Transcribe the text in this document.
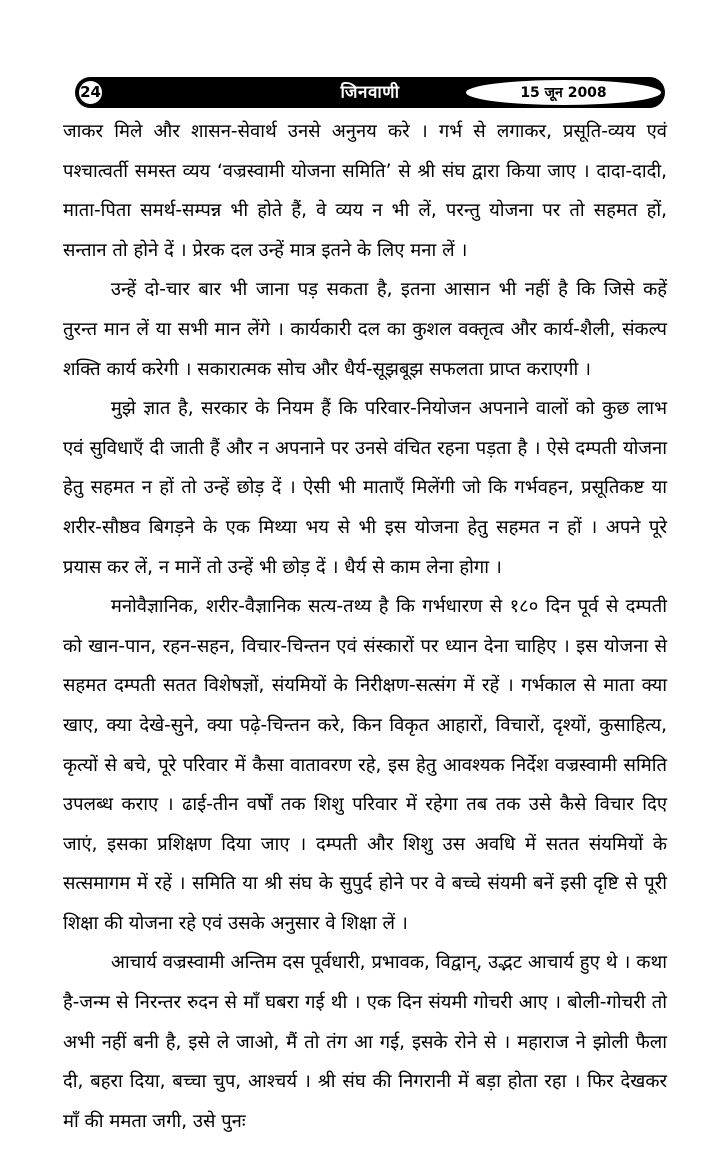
24	जिनवाणी	15 जून 2008

जाकर मिले और शासन-सेवार्थ उनसे अनुनय करे । गर्भ से लगाकर, प्रसूति-व्यय एवं पश्चात्वर्ती समस्त व्यय ‘वज्रस्वामी योजना समिति’ से श्री संघ द्वारा किया जाए । दादा-दादी, माता-पिता समर्थ-सम्पन्न भी होते हैं, वे व्यय न भी लें, परन्तु योजना पर तो सहमत हों, सन्तान तो होने दें । प्रेरक दल उन्हें मात्र इतने के लिए मना लें ।

उन्हें दो-चार बार भी जाना पड़ सकता है, इतना आसान भी नहीं है कि जिसे कहें तुरन्त मान लें या सभी मान लेंगे । कार्यकारी दल का कुशल वक्तृत्व और कार्य-शैली, संकल्प शक्ति कार्य करेगी । सकारात्मक सोच और धैर्य-सूझबूझ सफलता प्राप्त कराएगी ।

मुझे ज्ञात है, सरकार के नियम हैं कि परिवार-नियोजन अपनाने वालों को कुछ लाभ एवं सुविधाएँ दी जाती हैं और न अपनाने पर उनसे वंचित रहना पड़ता है । ऐसे दम्पती योजना हेतु सहमत न हों तो उन्हें छोड़ दें । ऐसी भी माताएँ मिलेंगी जो कि गर्भवहन, प्रसूतिकष्ट या शरीर-सौष्ठव बिगड़ने के एक मिथ्या भय से भी इस योजना हेतु सहमत न हों । अपने पूरे प्रयास कर लें, न मानें तो उन्हें भी छोड़ दें । धैर्य से काम लेना होगा ।

मनोवैज्ञानिक, शरीर-वैज्ञानिक सत्य-तथ्य है कि गर्भधारण से १८० दिन पूर्व से दम्पती को खान-पान, रहन-सहन, विचार-चिन्तन एवं संस्कारों पर ध्यान देना चाहिए । इस योजना से सहमत दम्पती सतत विशेषज्ञों, संयमियों के निरीक्षण-सत्संग में रहें । गर्भकाल से माता क्या खाए, क्या देखे-सुने, क्या पढ़े-चिन्तन करे, किन विकृत आहारों, विचारों, दृश्यों, कुसाहित्य, कृत्यों से बचे, पूरे परिवार में कैसा वातावरण रहे, इस हेतु आवश्यक निर्देश वज्रस्वामी समिति उपलब्ध कराए । ढाई-तीन वर्षों तक शिशु परिवार में रहेगा तब तक उसे कैसे विचार दिए जाएं, इसका प्रशिक्षण दिया जाए । दम्पती और शिशु उस अवधि में सतत संयमियों के सत्समागम में रहें । समिति या श्री संघ के सुपुर्द होने पर वे बच्चे संयमी बनें इसी दृष्टि से पूरी शिक्षा की योजना रहे एवं उसके अनुसार वे शिक्षा लें ।

आचार्य वज्रस्वामी अन्तिम दस पूर्वधारी, प्रभावक, विद्वान्, उद्भट आचार्य हुए थे । कथा है-जन्म से निरन्तर रुदन से माँ घबरा गई थी । एक दिन संयमी गोचरी आए । बोली-गोचरी तो अभी नहीं बनी है, इसे ले जाओ, मैं तो तंग आ गई, इसके रोने से । महाराज ने झोली फैला दी, बहरा दिया, बच्चा चुप, आश्चर्य । श्री संघ की निगरानी में बड़ा होता रहा । फिर देखकर माँ की ममता जगी, उसे पुनः
